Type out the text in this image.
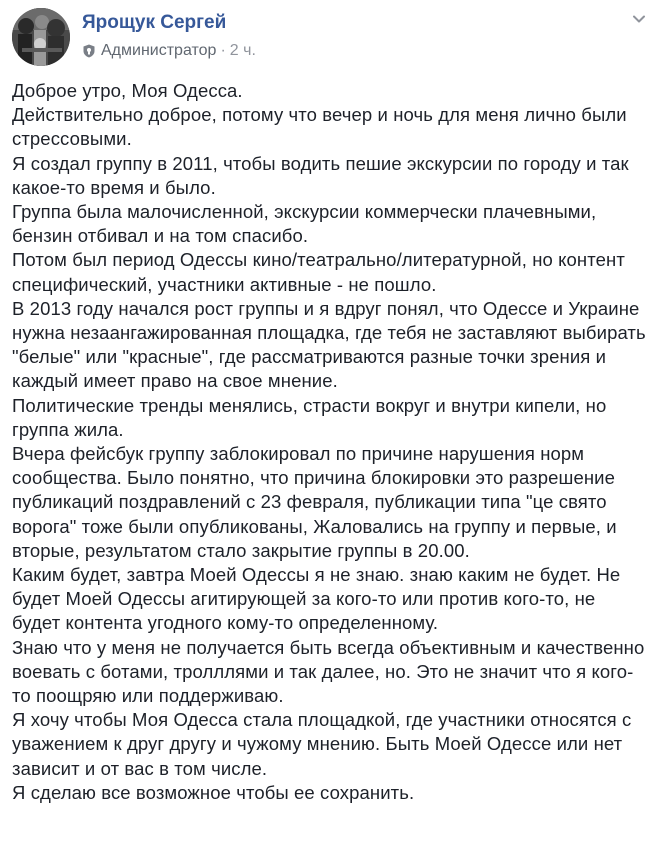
Ярощук Сергей
Администратор · 2 ч.

Доброе утро, Моя Одесса.

Действительно доброе, потому что вечер и ночь для меня лично были
стрессовыми.

Я создал группу в 2011, чтобы водить пешие экскурсии по городу и так
какое-то время и было.

Группа была малочисленной, экскурсии коммерчески плачевными,
бензин отбивал и на том спасибо.

Потом был период Одессы кино/театрально/литературной, но контент
специфический, участники активные - не пошло.

В 2013 году начался рост группы и я вдруг понял, что Одессе и Украине
нужна незаангажированная площадка, где тебя не заставляют выбирать
"белые" или "красные", где рассматриваются разные точки зрения и
каждый имеет право на свое мнение.

Политические тренды менялись, страсти вокруг и внутри кипели, но
группа жила.

Вчера фейсбук группу заблокировал по причине нарушения норм
сообщества. Было понятно, что причина блокировки это разрешение
публикаций поздравлений с 23 февраля, публикации типа "це свято
ворога" тоже были опубликованы, Жаловались на группу и первые, и
вторые, результатом стало закрытие группы в 20.00.

Каким будет, завтра Моей Одессы я не знаю. знаю каким не будет. Не
будет Моей Одессы агитирующей за кого-то или против кого-то, не
будет контента угодного кому-то определенному.

Знаю что у меня не получается быть всегда объективным и качественно
воевать с ботами, тролллями и так далее, но. Это не значит что я кого-
то поощряю или поддерживаю.

Я хочу чтобы Моя Одесса стала площадкой, где участники относятся с
уважением к друг другу и чужому мнению. Быть Моей Одессе или нет
зависит и от вас в том числе.

Я сделаю все возможное чтобы ее сохранить.
